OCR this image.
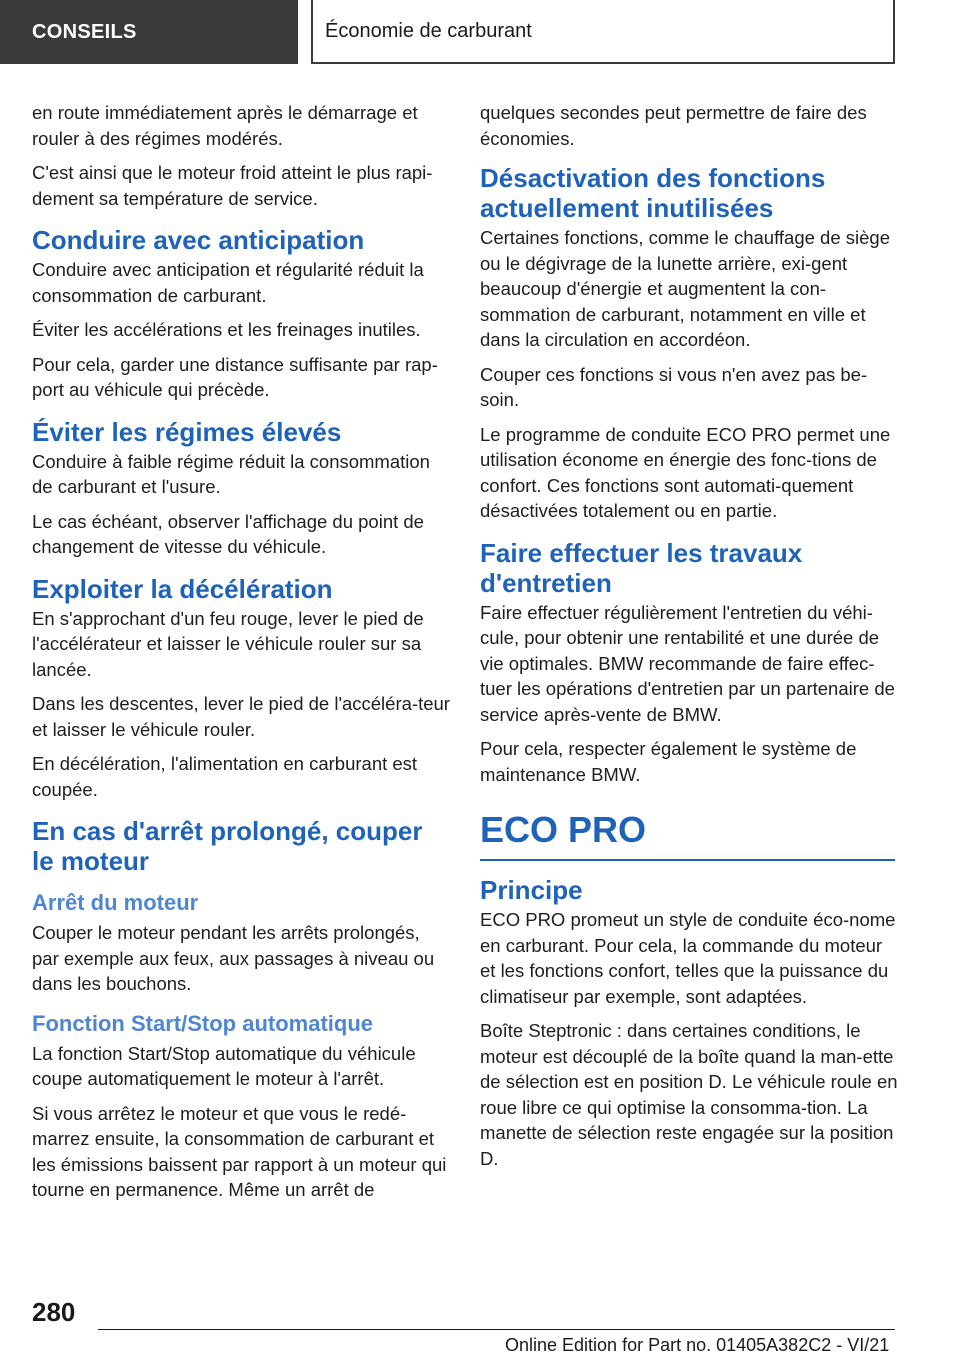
CONSEILS	Économie de carburant

en route immédiatement après le démarrage et rouler à des régimes modérés.

C'est ainsi que le moteur froid atteint le plus rapi-dement sa température de service.

Conduire avec anticipation

Conduire avec anticipation et régularité réduit la consommation de carburant.

Éviter les accélérations et les freinages inutiles.

Pour cela, garder une distance suffisante par rap-port au véhicule qui précède.

Éviter les régimes élevés

Conduire à faible régime réduit la consommation de carburant et l'usure.

Le cas échéant, observer l'affichage du point de changement de vitesse du véhicule.

Exploiter la décélération

En s'approchant d'un feu rouge, lever le pied de l'accélérateur et laisser le véhicule rouler sur sa lancée.

Dans les descentes, lever le pied de l'accéléra-teur et laisser le véhicule rouler.

En décélération, l'alimentation en carburant est coupée.

En cas d'arrêt prolongé, couper le moteur
Arrêt du moteur

Couper le moteur pendant les arrêts prolongés, par exemple aux feux, aux passages à niveau ou dans les bouchons.

Fonction Start/Stop automatique

La fonction Start/Stop automatique du véhicule coupe automatiquement le moteur à l'arrêt.

Si vous arrêtez le moteur et que vous le redé-marrez ensuite, la consommation de carburant et les émissions baissent par rapport à un moteur qui tourne en permanence. Même un arrêt de

quelques secondes peut permettre de faire des économies.

Désactivation des fonctions actuellement inutilisées

Certaines fonctions, comme le chauffage de siège ou le dégivrage de la lunette arrière, exi-gent beaucoup d'énergie et augmentent la con-sommation de carburant, notamment en ville et dans la circulation en accordéon.

Couper ces fonctions si vous n'en avez pas be-soin.

Le programme de conduite ECO PRO permet une utilisation économe en énergie des fonc-tions de confort. Ces fonctions sont automati-quement désactivées totalement ou en partie.

Faire effectuer les travaux d'entretien

Faire effectuer régulièrement l'entretien du véhi-cule, pour obtenir une rentabilité et une durée de vie optimales. BMW recommande de faire effec-tuer les opérations d'entretien par un partenaire de service après-vente de BMW.

Pour cela, respecter également le système de maintenance BMW.

ECO PRO
Principe

ECO PRO promeut un style de conduite éco-nome en carburant. Pour cela, la commande du moteur et les fonctions confort, telles que la puissance du climatiseur par exemple, sont adaptées.

Boîte Steptronic : dans certaines conditions, le moteur est découplé de la boîte quand la man-ette de sélection est en position D. Le véhicule roule en roue libre ce qui optimise la consomma-tion. La manette de sélection reste engagée sur la position D.

280
Online Edition for Part no. 01405A382C2 - VI/21
